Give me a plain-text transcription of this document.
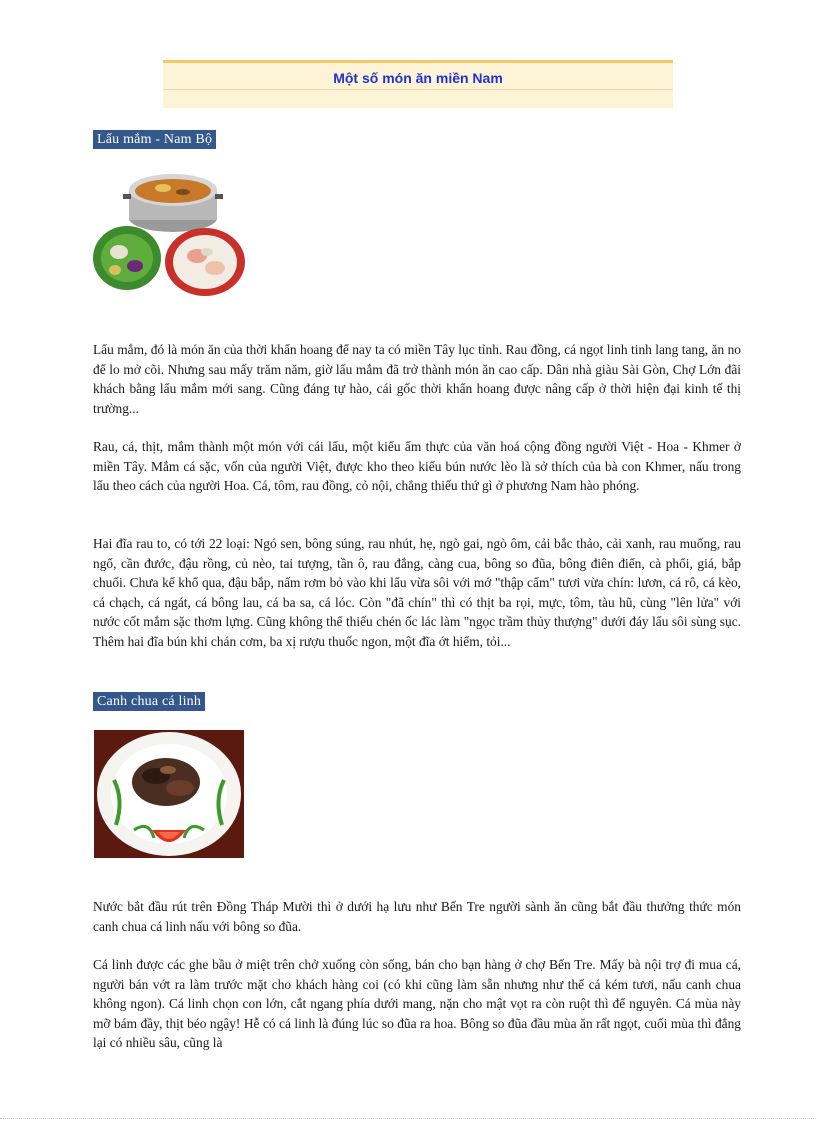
Một số món ăn miền Nam
Lẩu mắm - Nam Bộ

Lẩu mắm, đó là món ăn của thời khẩn hoang để nay ta có miền Tây lục tỉnh. Rau đồng, cá ngọt linh tinh lang tang, ăn no để lo mở cõi. Nhưng sau mấy trăm năm, giờ lẩu mắm đã trở thành món ăn cao cấp. Dân nhà giàu Sài Gòn, Chợ Lớn đãi khách bằng lẩu mắm mới sang. Cũng đáng tự hào, cái gốc thời khẩn hoang được nâng cấp ở thời hiện đại kinh tế thị trường...

Rau, cá, thịt, mắm thành một món với cái lẩu, một kiểu ẩm thực của văn hoá cộng đồng người Việt - Hoa - Khmer ở miền Tây. Mắm cá sặc, vốn của người Việt, được kho theo kiểu bún nước lèo là sở thích của bà con Khmer, nấu trong lẩu theo cách của người Hoa. Cá, tôm, rau đồng, cỏ nội, chẳng thiếu thứ gì ở phương Nam hào phóng.

Hai đĩa rau to, có tới 22 loại: Ngó sen, bông súng, rau nhút, hẹ, ngò gai, ngò ôm, cải bắc thảo, cải xanh, rau muống, rau ngổ, cần đước, đậu rồng, củ nèo, tai tượng, tần ô, rau đắng, càng cua, bông so đũa, bông điên điển, cà phổi, giá, bắp chuối. Chưa kể khổ qua, đậu bắp, nấm rơm bỏ vào khi lẩu vừa sôi với mớ "thập cẩm" tươi vừa chín: lươn, cá rô, cá kèo, cá chạch, cá ngát, cá bông lau, cá ba sa, cá lóc. Còn "đã chín" thì có thịt ba rọi, mực, tôm, tàu hũ, cùng "lên lửa" với nước cốt mắm sặc thơm lựng. Cũng không thể thiếu chén ốc lác làm "ngọc trầm thủy thượng" dưới đáy lẩu sôi sùng sục. Thêm hai đĩa bún khi chán cơm, ba xị rượu thuốc ngon, một đĩa ớt hiểm, tỏi...

Canh chua cá linh

Nước bắt đầu rút trên Đồng Tháp Mười thì ở dưới hạ lưu như Bến Tre người sành ăn cũng bắt đầu thưởng thức món canh chua cá linh nấu với bông so đũa.

Cá linh được các ghe bầu ở miệt trên chở xuống còn sống, bán cho bạn hàng ở chợ Bến Tre. Mấy bà nội trợ đi mua cá, người bán vớt ra làm trước mặt cho khách hàng coi (có khi cũng làm sẵn nhưng như thế cá kém tươi, nấu canh chua không ngon). Cá linh chọn con lớn, cắt ngang phía dưới mang, nặn cho mật vọt ra còn ruột thì để nguyên. Cá mùa này mỡ bám đầy, thịt béo ngậy! Hễ có cá linh là đúng lúc so đũa ra hoa. Bông so đũa đầu mùa ăn rất ngọt, cuối mùa thì đắng lại có nhiều sâu, cũng là
